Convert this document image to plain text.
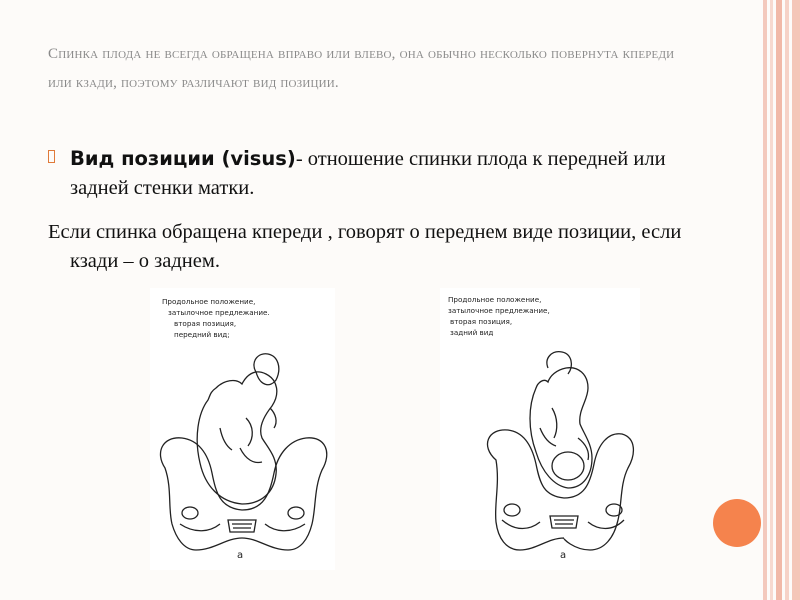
Спинка плода не всегда обращена вправо или влево, она обычно несколько повернута кпереди или кзади, поэтому различают вид позиции.
Вид позиции (visus)- отношение спинки плода к передней или задней стенки матки.
Если спинка обращена кпереди , говорят о переднем виде позиции, если кзади – о заднем.
Продольное положение,
затылочное предлежание.
вторая позиция,
передний вид;
а
Продольное положение,
затылочное предлежание,
вторая позиция,
задний вид
а
